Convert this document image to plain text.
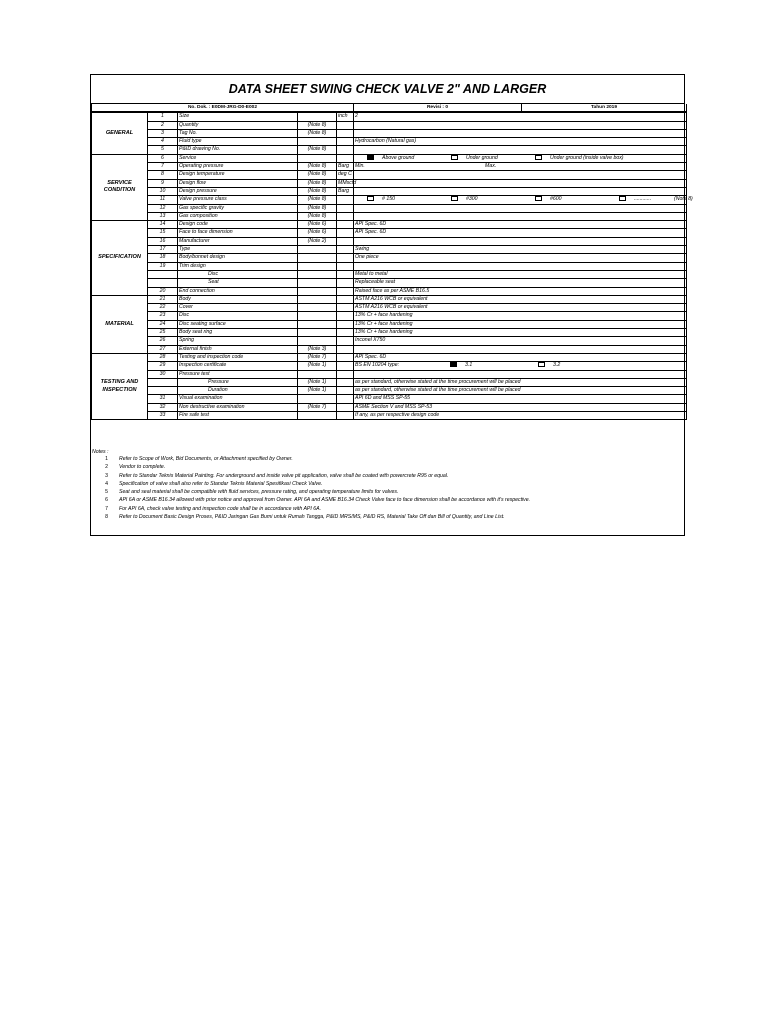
DATA SHEET SWING CHECK VALVE 2" AND LARGER
No. Dok. : E0DM-JRG-D0-E002	Revisi : 0	Tahun 2019
GENERAL	1	Size		inch	2
	2	Quantity	(Note 8)		
	3	Tag No.	(Note 8)		
	4	Fluid type			Hydrocarbon (Natural gas)
	5	P&ID drawing No.	(Note 8)		
SERVICE CONDITION	6	Service			Above ground Under ground Under ground (inside valve box)
	7	Operating pressure	(Note 8)	Barg	Min. Max.
	8	Design temperature	(Note 8)	deg C	
	9	Design flow	(Note 8)	MMscfd	
	10	Design pressure	(Note 8)	Barg	
	11	Valve pressure class	(Note 8)		# 150 #300 #600 ............ (Note 8)
	12	Gas specific gravity	(Note 8)		
	13	Gas composition	(Note 8)		
SPECIFICATION	14	Design code	(Note 6)		API Spec. 6D
	15	Face to face dimension	(Note 6)		API Spec. 6D
	16	Manufacturer	(Note 2)		
	17	Type			Swing
	18	Body/bonnet design			One piece
	19	Trim design			
		Disc			Metal to metal
		Seat			Replaceable seat
	20	End connection			Raised face as per ASME B16.5
MATERIAL	21	Body			ASTM A216 WCB or equivalent
	22	Cover			ASTM A216 WCB or equivalent
	23	Disc			13% Cr + face hardening
	24	Disc seating surface			13% Cr + face hardening
	25	Body seat ring			13% Cr + face hardening
	26	Spring			Inconel X750
	27	External finish	(Note 3)		
TESTING AND INSPECTION	28	Testing and inspection code	(Note 7)		API Spec. 6D
	29	Inspection certificate	(Note 1)		BS EN 10204 type: 3.1 3.2
	30	Pressure test			
		Pressure	(Note 1)		as per standard, otherwise stated at the time procurement will be placed
		Duration	(Note 1)		as per standard, otherwise stated at the time procurement will be placed
	31	Visual examination			API 6D and MSS SP-55
	32	Non destructive examination	(Note 7)		ASME Section V and MSS SP-53
	33	Fire safe test			If any, as per respective design code
Notes :
1	Refer to Scope of Work, Bid Documents, or Attachment specified by Owner.
2	Vendor to complete.
3	Refer to Standar Teknis Material Painting. For underground and inside valve pit application, valve shall be coated with powercrete R95 or equal.
4	Specification of valve shall also refer to Standar Teknis Material Spesifikasi Check Valve.
5	Seat and seal material shall be compatible with fluid services, pressure rating, and operating temperature limits for valves.
6	API 6A or ASME B16.34 allowed with prior notice and approval from Owner. API 6A and ASME B16.34 Check Valve face to face dimension shall be accordance with it's respective.
7	For API 6A, check valve testing and inspection code shall be in accordance with API 6A.
8	Refer to Document Basic Design Proses, P&ID Jaringan Gas Bumi untuk Rumah Tangga, P&ID MRS/MS, P&ID RS, Material Take Off dan Bill of Quantity, and Line List.
